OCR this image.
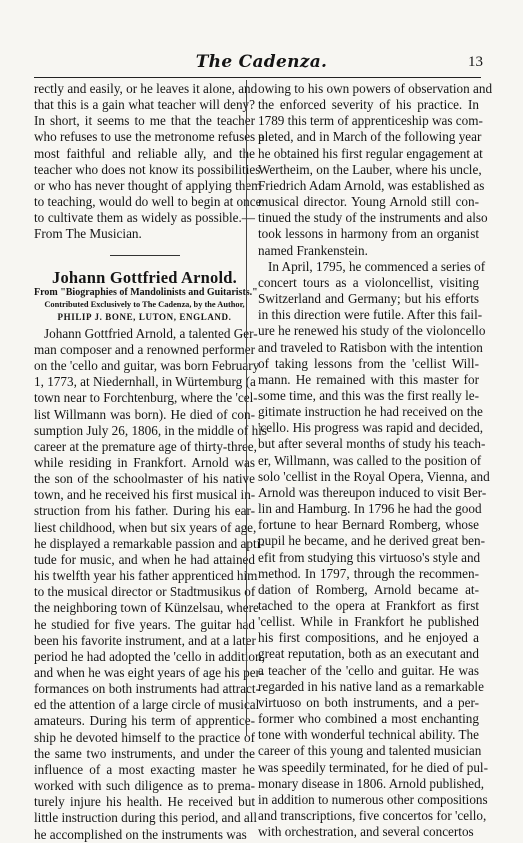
The Cadenza.	13
rectly and easily, or he leaves it alone, and
that this is a gain what teacher will deny?
In short, it seems to me that the teacher
who refuses to use the metronome refuses a
most faithful and reliable ally, and the
teacher who does not know its possibilities
or who has never thought of applying them
to teaching, would do well to begin at once
to cultivate them as widely as possible.—
From The Musician.
Johann Gottfried Arnold.
From "Biographies of Mandolinists and Guitarists."
Contributed Exclusively to The Cadenza, by the Author,
PHILIP J. BONE, LUTON, ENGLAND.
Johann Gottfried Arnold, a talented Ger-
man composer and a renowned performer
on the 'cello and guitar, was born February
1, 1773, at Niedernhall, in Würtemburg (a
town near to Forchtenburg, where the 'cel-
list Willmann was born). He died of con-
sumption July 26, 1806, in the middle of his
career at the premature age of thirty-three,
while residing in Frankfort. Arnold was
the son of the schoolmaster of his native
town, and he received his first musical in-
struction from his father. During his ear-
liest childhood, when but six years of age,
he displayed a remarkable passion and apti-
tude for music, and when he had attained
his twelfth year his father apprenticed him
to the musical director or Stadtmusikus of
the neighboring town of Künzelsau, where
he studied for five years. The guitar had
been his favorite instrument, and at a later
period he had adopted the 'cello in addition,
and when he was eight years of age his per-
formances on both instruments had attract-
ed the attention of a large circle of musical
amateurs. During his term of apprentice-
ship he devoted himself to the practice of
the same two instruments, and under the
influence of a most exacting master he
worked with such diligence as to prema-
turely injure his health. He received but
little instruction during this period, and all
he accomplished on the instruments was
owing to his own powers of observation and
the enforced severity of his practice. In
1789 this term of apprenticeship was com-
pleted, and in March of the following year
he obtained his first regular engagement at
Wertheim, on the Lauber, where his uncle,
Friedrich Adam Arnold, was established as
musical director. Young Arnold still con-
tinued the study of the instruments and also
took lessons in harmony from an organist
named Frankenstein.
In April, 1795, he commenced a series of
concert tours as a violoncellist, visiting
Switzerland and Germany; but his efforts
in this direction were futile. After this fail-
ure he renewed his study of the violoncello
and traveled to Ratisbon with the intention
of taking lessons from the 'cellist Will-
mann. He remained with this master for
some time, and this was the first really le-
gitimate instruction he had received on the
'cello. His progress was rapid and decided,
but after several months of study his teach-
er, Willmann, was called to the position of
solo 'cellist in the Royal Opera, Vienna, and
Arnold was thereupon induced to visit Ber-
lin and Hamburg. In 1796 he had the good
fortune to hear Bernard Romberg, whose
pupil he became, and he derived great ben-
efit from studying this virtuoso's style and
method. In 1797, through the recommen-
dation of Romberg, Arnold became at-
tached to the opera at Frankfort as first
'cellist. While in Frankfort he published
his first compositions, and he enjoyed a
great reputation, both as an executant and
a teacher of the 'cello and guitar. He was
regarded in his native land as a remarkable
virtuoso on both instruments, and a per-
former who combined a most enchanting
tone with wonderful technical ability. The
career of this young and talented musician
was speedily terminated, for he died of pul-
monary disease in 1806. Arnold published,
in addition to numerous other compositions
and transcriptions, five concertos for 'cello,
with orchestration, and several concertos
